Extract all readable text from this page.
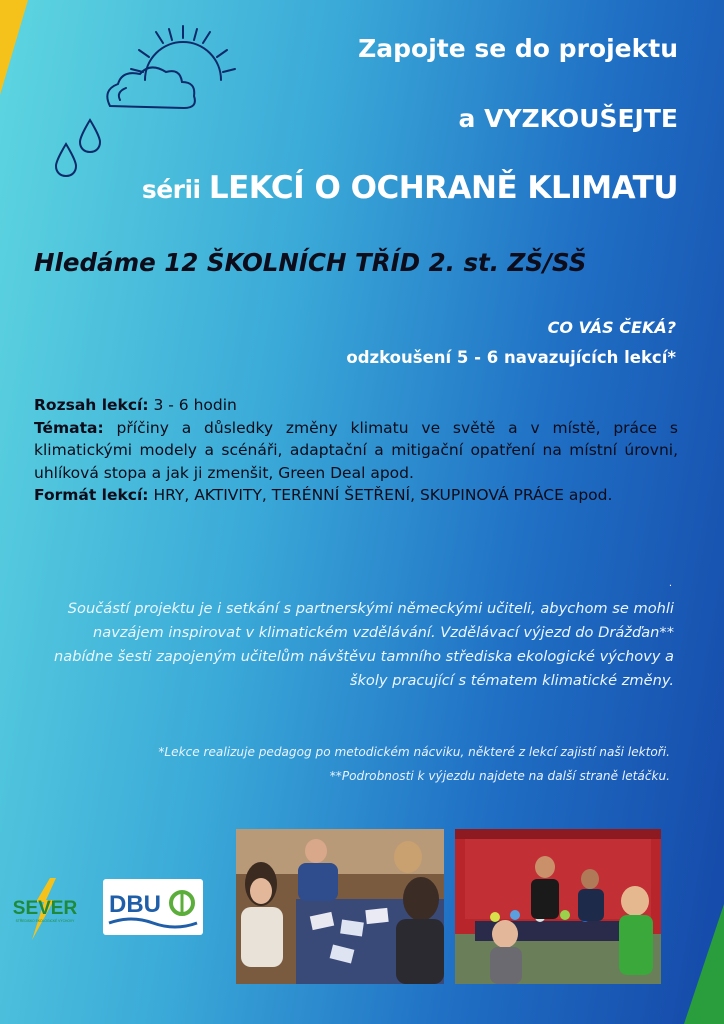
Zapojte se do projektu
a VYZKOUŠEJTE
sérii LEKCÍ O OCHRANĚ KLIMATU
Hledáme 12 ŠKOLNÍCH TŘÍD 2. st. ZŠ/SŠ
CO VÁS ČEKÁ?
odzkoušení 5 - 6 navazujících lekcí*

Rozsah lekcí: 3 - 6 hodin

Témata: příčiny a důsledky změny klimatu ve světě a v místě, práce s klimatickými modely a scénáři, adaptační a mitigační opatření na místní úrovni, uhlíková stopa a jak ji zmenšit, Green Deal apod.

Formát lekcí: HRY, AKTIVITY, TERÉNNÍ ŠETŘENÍ, SKUPINOVÁ PRÁCE apod.

.
Součástí projektu je i setkání s partnerskými německými učiteli, abychom se mohli navzájem inspirovat v klimatickém vzdělávání. Vzdělávací výjezd do Drážďan** nabídne šesti zapojeným učitelům návštěvu tamního střediska ekologické výchovy a školy pracující s tématem klimatické změny.
*Lekce realizuje pedagog po metodickém nácviku, některé z lekcí zajistí naši lektoři.
**Podrobnosti k výjezdu najdete na další straně letáčku.
SEVER
STŘEDISKO EKOLOGICKÉ VÝCHOVY
DBU
